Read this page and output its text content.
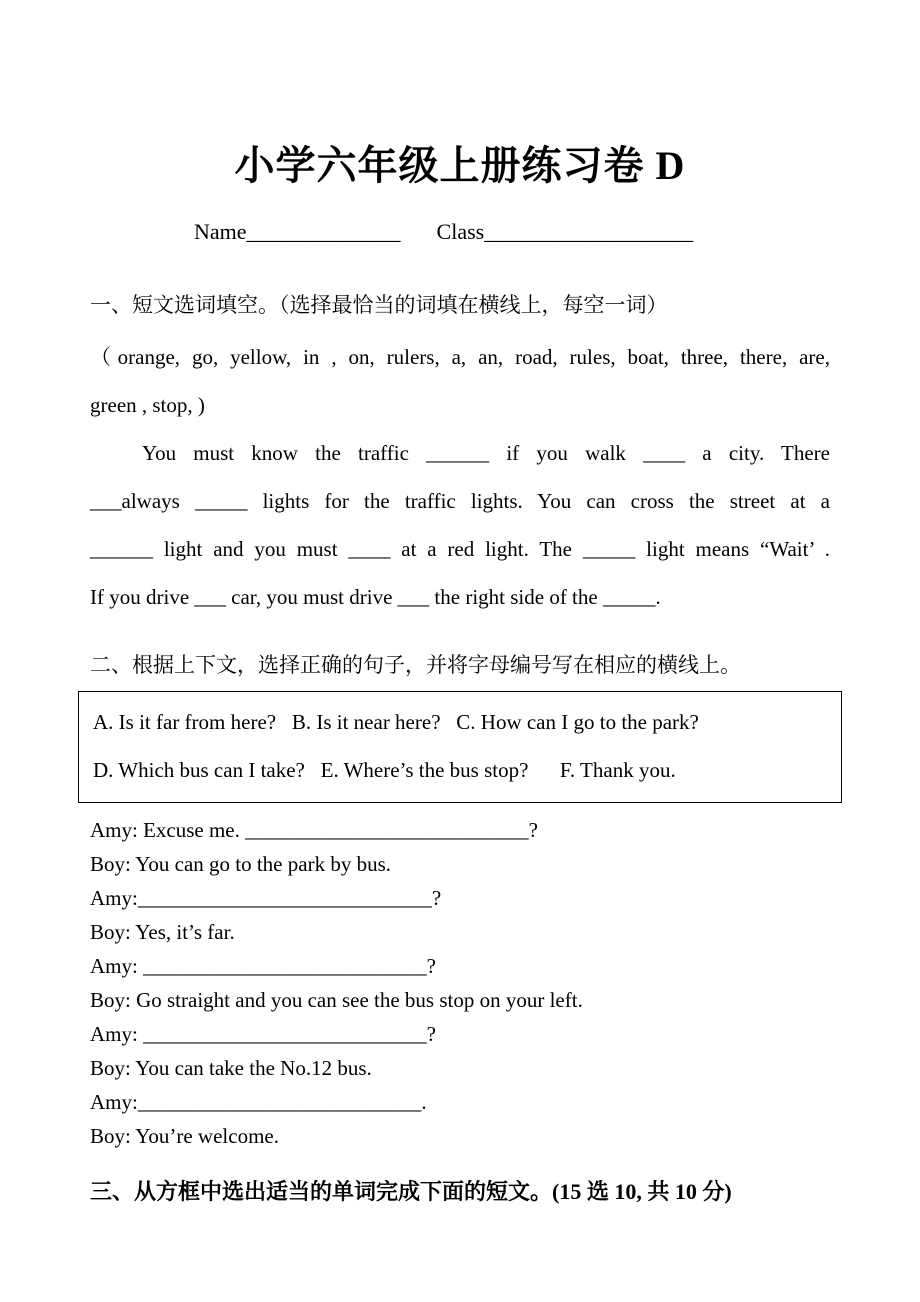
小学六年级上册练习卷 D
Name______________ Class___________________

一、短文选词填空。（选择最恰当的词填在横线上，每空一词）

（orange, go, yellow, in , on, rulers, a, an, road, rules, boat, three, there, are,

green , stop, )

You must know the traffic ______ if you walk ____ a city. There

___always _____ lights for the traffic lights. You can cross the street at a

______ light and you must ____ at a red light. The _____ light means “Wait’ .

If you drive ___ car, you must drive ___ the right side of the _____.

二、根据上下文，选择正确的句子，并将字母编号写在相应的横线上。

A. Is it far from here?   B. Is it near here?   C. How can I go to the park?

D. Which bus can I take?   E. Where’s the bus stop?      F. Thank you.

Amy: Excuse me. ___________________________?

Boy: You can go to the park by bus.

Amy:____________________________?

Boy: Yes, it’s far.

Amy: ___________________________?

Boy: Go straight and you can see the bus stop on your left.

Amy: ___________________________?

Boy: You can take the No.12 bus.

Amy:___________________________.

Boy: You’re welcome.

三、从方框中选出适当的单词完成下面的短文。(15 选 10, 共 10 分)
